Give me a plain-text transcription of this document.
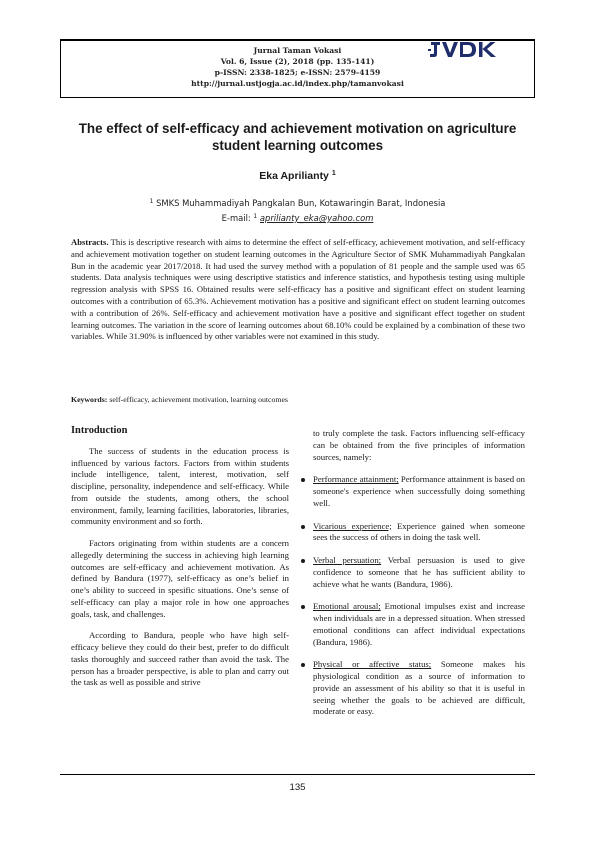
Jurnal Taman Vokasi
Vol. 6, Issue (2), 2018 (pp. 135-141)
p-ISSN: 2338-1825; e-ISSN: 2579-4159
http://jurnal.ustjogja.ac.id/index.php/tamanvokasi
The effect of self-efficacy and achievement motivation on agriculture student learning outcomes
Eka Aprilianty $^1$
$^1$ SMKS Muhammadiyah Pangkalan Bun, Kotawaringin Barat, Indonesia
E-mail: $^1$ aprilianty_eka@yahoo.com
Abstracts. This is descriptive research with aims to determine the effect of self-efficacy, achievement motivation, and self-efficacy and achievement motivation together on student learning outcomes in the Agriculture Sector of SMK Muhammadiyah Pangkalan Bun in the academic year 2017/2018. It had used the survey method with a population of 81 people and the sample used was 65 students. Data analysis techniques were using descriptive statistics and inference statistics, and hypothesis testing using multiple regression analysis with SPSS 16. Obtained results were self-efficacy has a positive and significant effect on student learning outcomes with a contribution of 65.3%. Achievement motivation has a positive and significant effect on student learning outcomes with a contribution of 26%. Self-efficacy and achievement motivation have a positive and significant effect together on student learning outcomes. The variation in the score of learning outcomes about 68.10% could be explained by a combination of these two variables. While 31.90% is influenced by other variables were not examined in this study.
Keywords: self-efficacy, achievement motivation, learning outcomes
Introduction

The success of students in the education process is influenced by various factors. Factors from within students include intelligence, talent, interest, motivation, self discipline, personality, independence and self-efficacy. While from outside the students, among others, the school environment, family, learning facilities, laboratories, libraries, community environment and so forth.

Factors originating from within students are a concern allegedly determining the success in achieving high learning outcomes are self-efficacy and achievement motivation. As defined by Bandura (1977), self-efficacy as one’s belief in one’s ability to succeed in spesific situations. One’s sense of self-efficacy can play a major role in how one approaches goals, task, and challenges.

According to Bandura, people who have high self-efficacy believe they could do their best, prefer to do difficult tasks thoroughly and succeed rather than avoid the task. The person has a broader perspective, is able to plan and carry out the task as well as possible and strive

to truly complete the task. Factors influencing self-efficacy can be obtained from the five principles of information sources, namely:

Performance attainment; Performance attainment is based on someone's experience when successfully doing something well.
Vicarious experience; Experience gained when someone sees the success of others in doing the task well.
Verbal persuation; Verbal persuasion is used to give confidence to someone that he has sufficient ability to achieve what he wants (Bandura, 1986).
Emotional arousal; Emotional impulses exist and increase when individuals are in a depressed situation. When stressed emotional conditions can affect individual expectations (Bandura, 1986).
Physical or affective status; Someone makes his physiological condition as a source of information to provide an assessment of his ability so that it is useful in seeing whether the goals to be achieved are difficult, moderate or easy.
135
